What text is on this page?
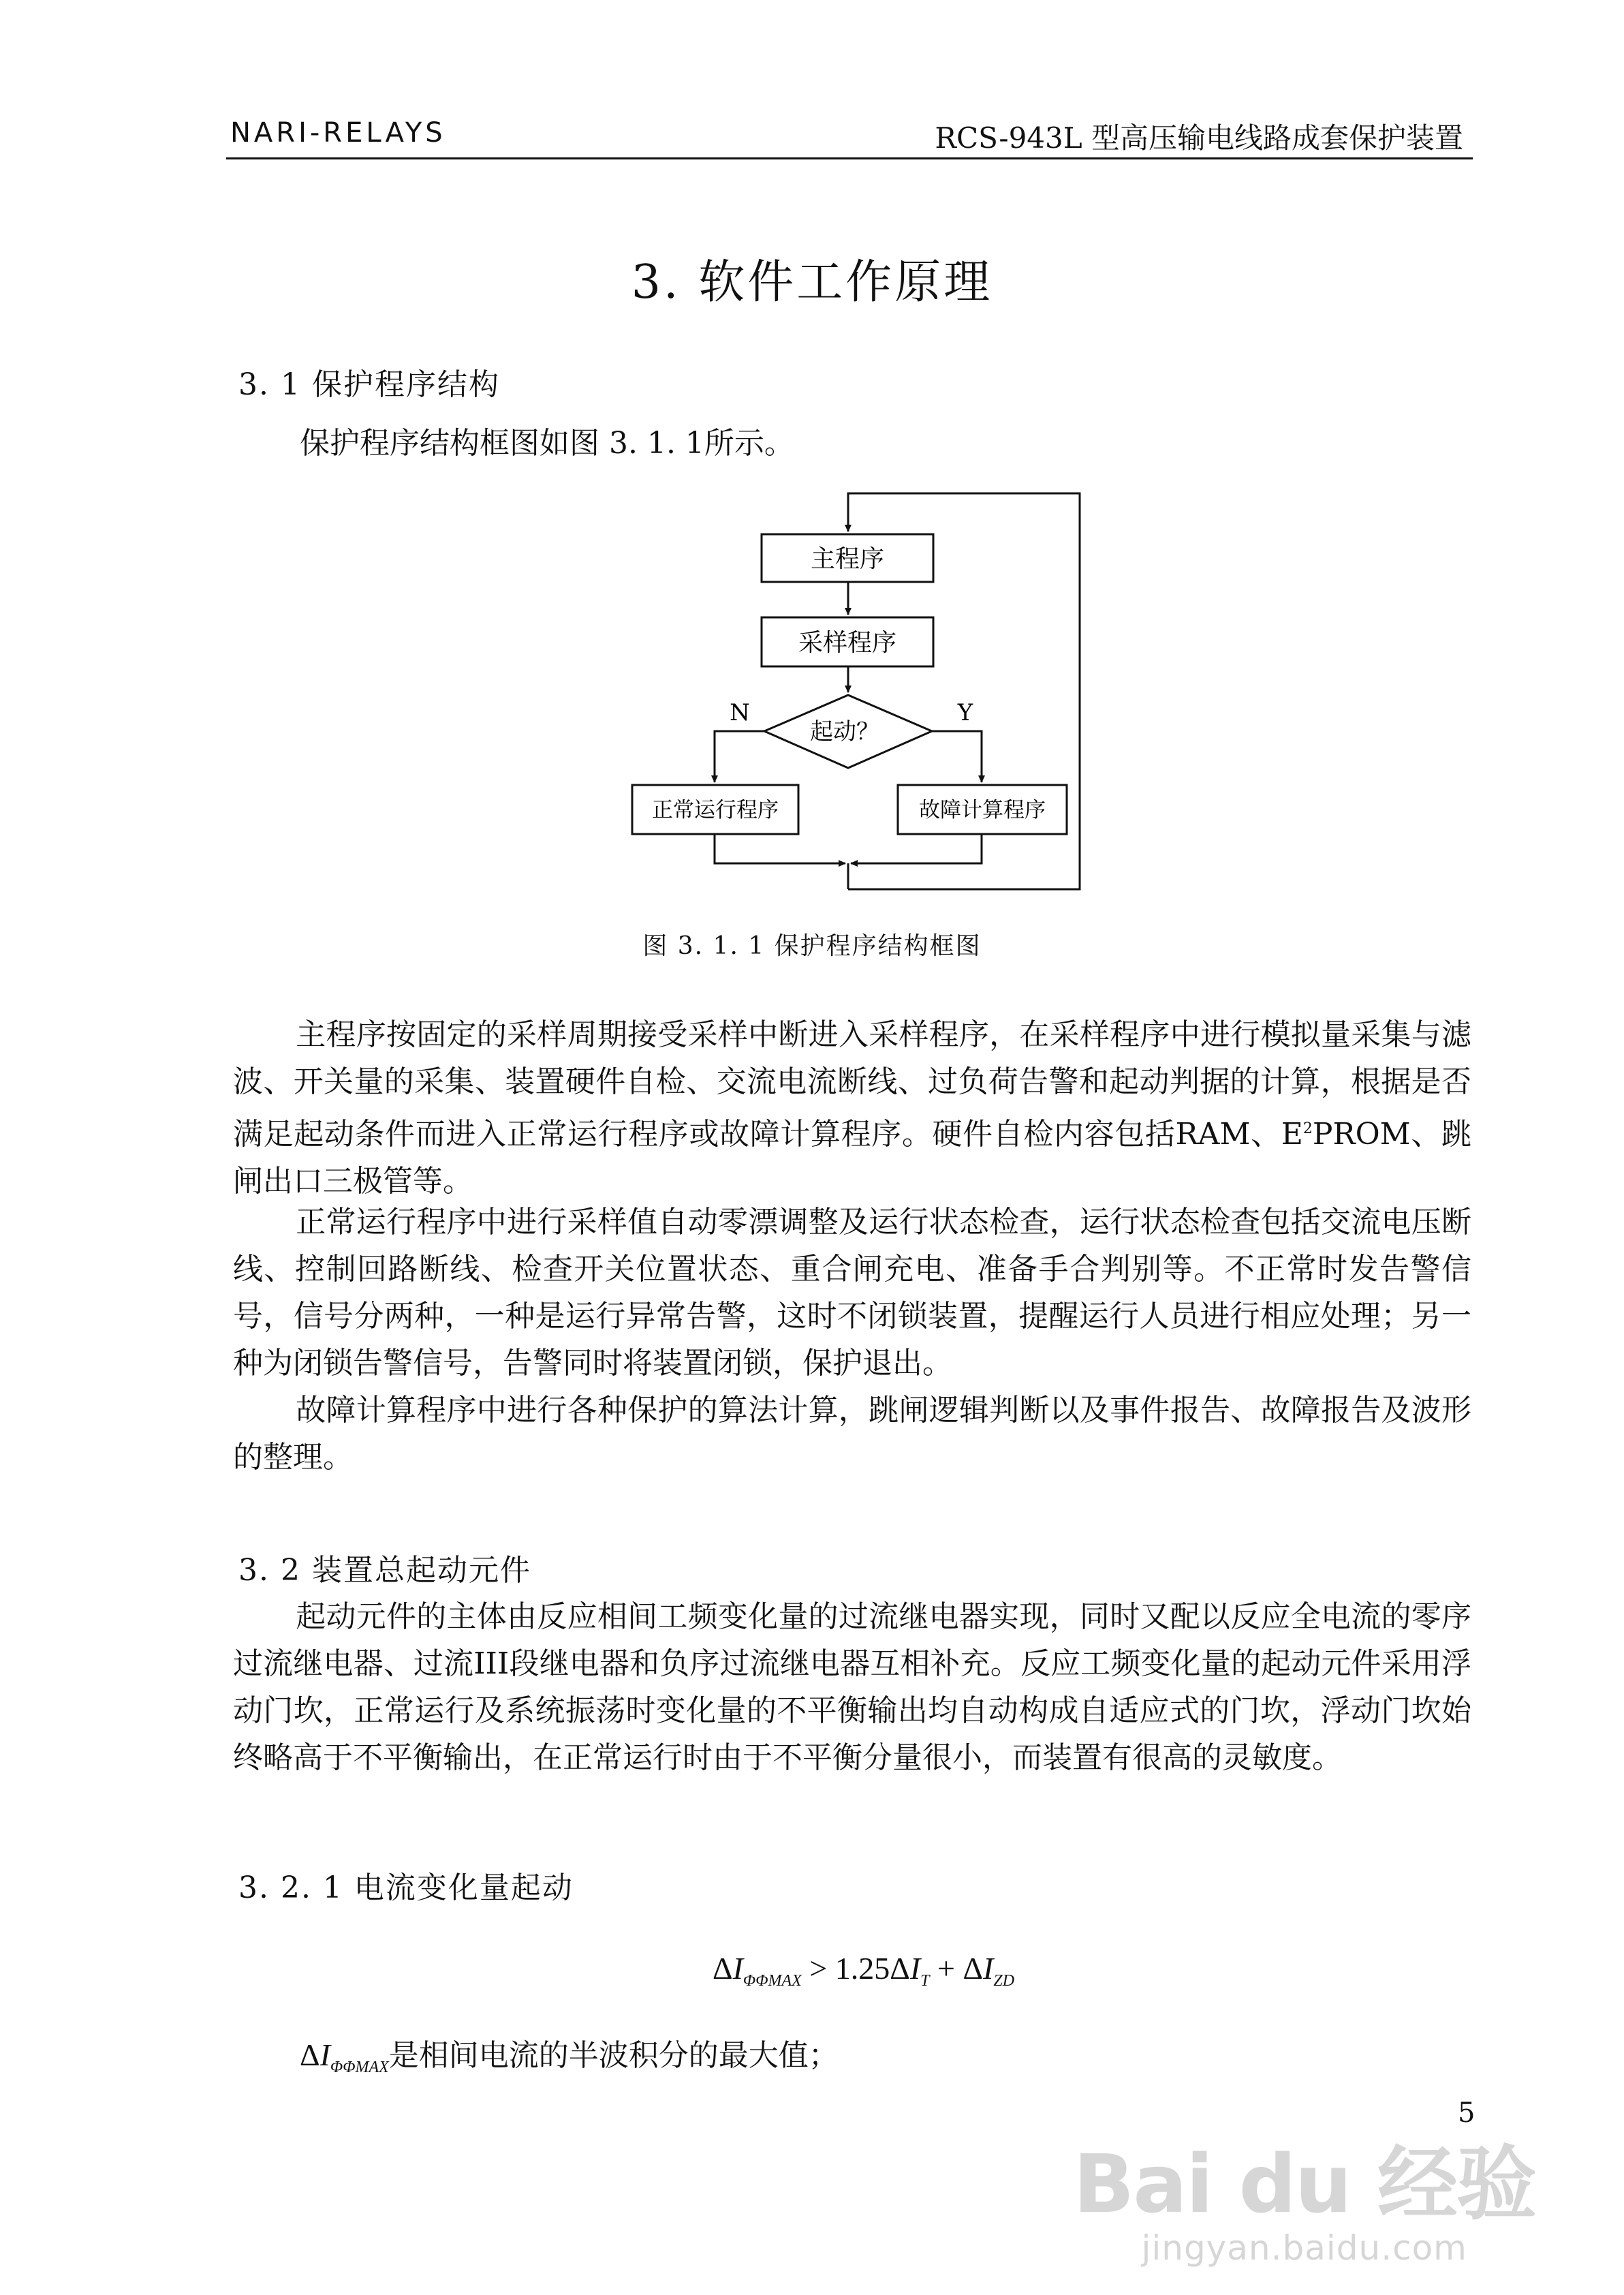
NARI-RELAYS	RCS-943L 型高压输电线路成套保护装置
3. 软件工作原理
3. 1 保护程序结构
保护程序结构框图如图 3. 1. 1所示。
主程序
采样程序
起动？
N	Y
正常运行程序	故障计算程序
图 3. 1. 1 保护程序结构框图

主程序按固定的采样周期接受采样中断进入采样程序，在采样程序中进行模拟量采集与滤波、开关量的采集、装置硬件自检、交流电流断线、过负荷告警和起动判据的计算，根据是否满足起动条件而进入正常运行程序或故障计算程序。硬件自检内容包括RAM、$E^2PROM$、跳闸出口三极管等。

正常运行程序中进行采样值自动零漂调整及运行状态检查，运行状态检查包括交流电压断线、控制回路断线、检查开关位置状态、重合闸充电、准备手合判别等。不正常时发告警信号，信号分两种，一种是运行异常告警，这时不闭锁装置，提醒运行人员进行相应处理；另一种为闭锁告警信号，告警同时将装置闭锁，保护退出。

故障计算程序中进行各种保护的算法计算，跳闸逻辑判断以及事件报告、故障报告及波形的整理。

3. 2 装置总起动元件

起动元件的主体由反应相间工频变化量的过流继电器实现，同时又配以反应全电流的零序过流继电器、过流III段继电器和负序过流继电器互相补充。反应工频变化量的起动元件采用浮动门坎，正常运行及系统振荡时变化量的不平衡输出均自动构成自适应式的门坎，浮动门坎始终略高于不平衡输出，在正常运行时由于不平衡分量很小，而装置有很高的灵敏度。

3. 2. 1 电流变化量起动
$\Delta I_{\Phi\Phi MAX} > 1.25\Delta I_T + \Delta I_{ZD}$
$\Delta I_{\Phi\Phi MAX}$是相间电流的半波积分的最大值；
5
Bai du 经验
jingyan.baidu.com
